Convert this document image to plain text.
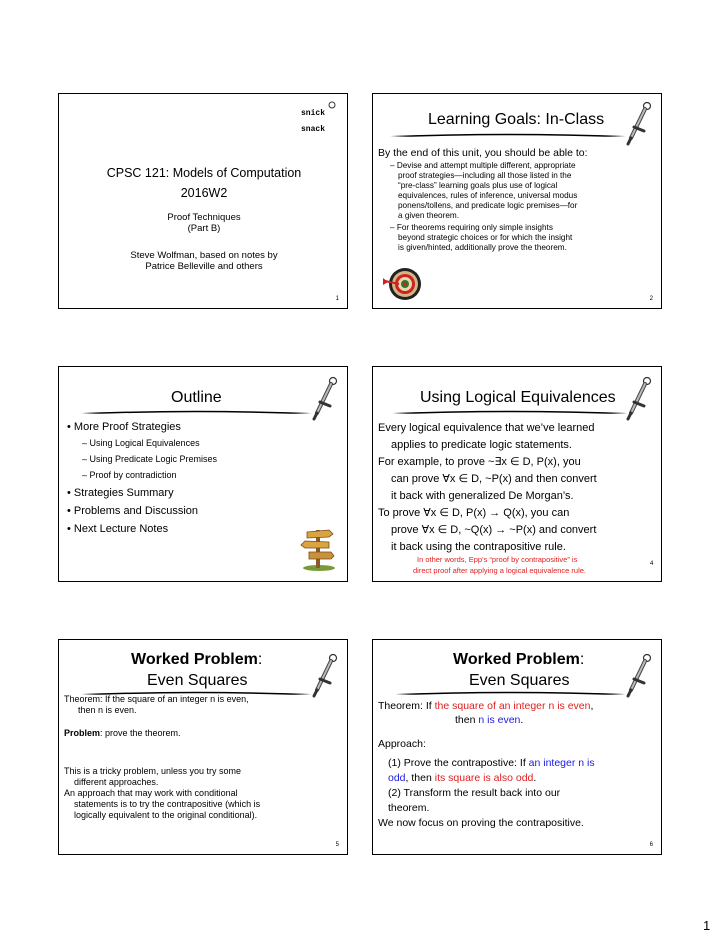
snick
snack
CPSC 121: Models of Computation
2016W2
Proof Techniques
(Part B)
Steve Wolfman, based on notes by
Patrice Belleville and others
1
Learning Goals: In-Class
By the end of this unit, you should be able to:
– Devise and attempt multiple different, appropriate
proof strategies—including all those listed in the
“pre-class” learning goals plus use of logical
equivalences, rules of inference, universal modus
ponens/tollens, and predicate logic premises—for
a given theorem.
– For theorems requiring only simple insights
beyond strategic choices or for which the insight
is given/hinted, additionally prove the theorem.
2
Outline
• More Proof Strategies
– Using Logical Equivalences
– Using Predicate Logic Premises
– Proof by contradiction
• Strategies Summary
• Problems and Discussion
• Next Lecture Notes
Using Logical Equivalences
Every logical equivalence that we’ve learned
applies to predicate logic statements.
For example, to prove ~∃x ∈ D, P(x), you
can prove ∀x ∈ D, ~P(x) and then convert
it back with generalized De Morgan’s.
To prove ∀x ∈ D, P(x) → Q(x), you can
prove ∀x ∈ D, ~Q(x) → ~P(x) and convert
it back using the contrapositive rule.
In other words, Epp’s “proof by contrapositive” is
direct proof after applying a logical equivalence rule.
4
Worked Problem:
Even Squares
Theorem: If the square of an integer n is even,
then n is even.
Problem: prove the theorem.
This is a tricky problem, unless you try some
different approaches.
An approach that may work with conditional
statements is to try the contrapositive (which is
logically equivalent to the original conditional).
5
Worked Problem:
Even Squares
Theorem: If the square of an integer n is even,
then n is even.
Approach:
(1) Prove the contrapostive: If an integer n is
odd, then its square is also odd.
(2) Transform the result back into our
theorem.
We now focus on proving the contrapositive.
6
1
